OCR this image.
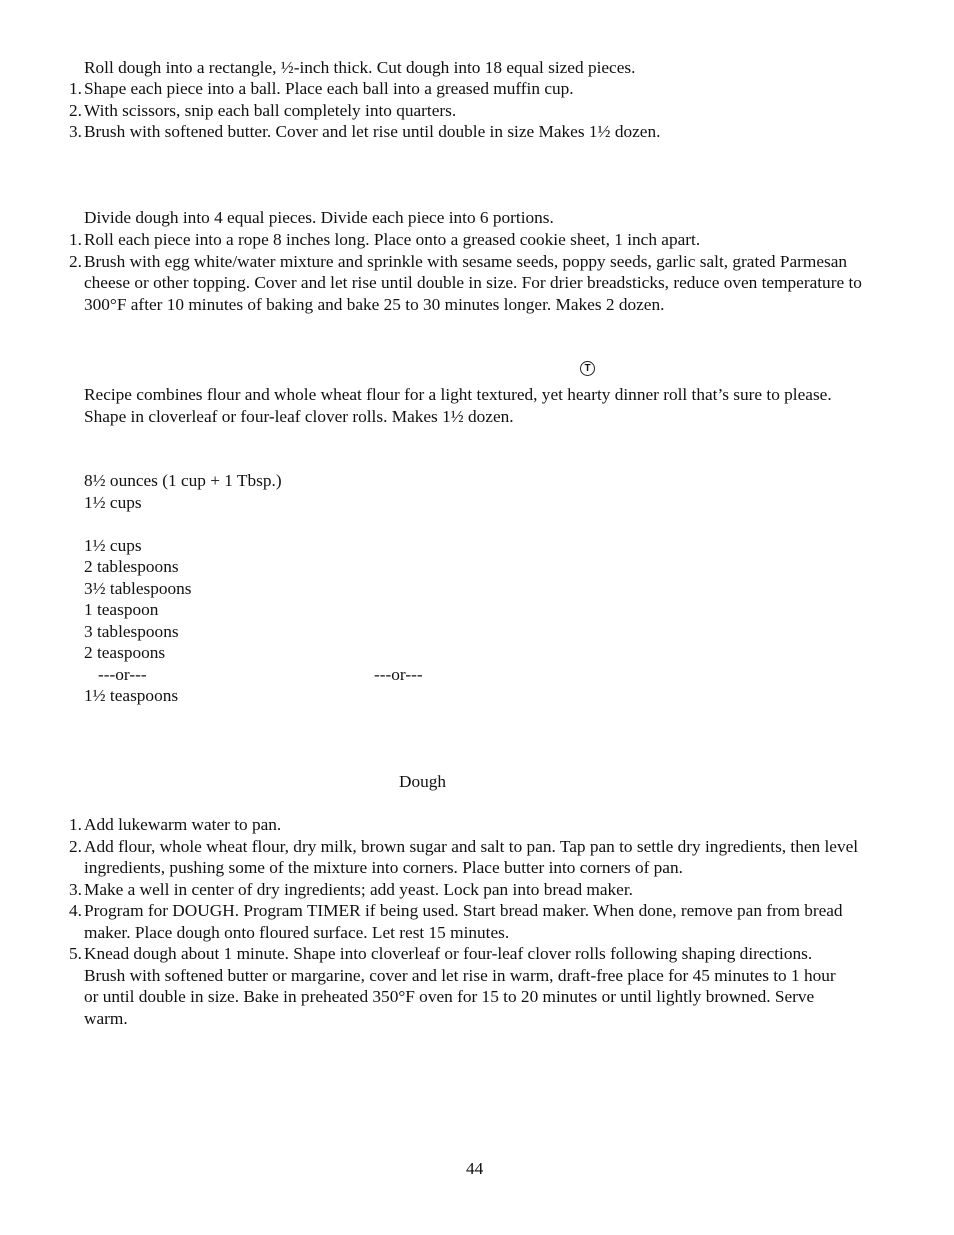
Roll dough into a rectangle, ½-inch thick. Cut dough into 18 equal sized pieces.
1. Shape each piece into a ball. Place each ball into a greased muffin cup.
2. With scissors, snip each ball completely into quarters.
3. Brush with softened butter. Cover and let rise until double in size Makes 1½ dozen.
Divide dough into 4 equal pieces. Divide each piece into 6 portions.
1. Roll each piece into a rope 8 inches long. Place onto a greased cookie sheet, 1 inch apart.
2. Brush with egg white/water mixture and sprinkle with sesame seeds, poppy seeds, garlic salt, grated Parmesan cheese or other topping. Cover and let rise until double in size. For drier breadsticks, reduce oven temperature to 300°F after 10 minutes of baking and bake 25 to 30 minutes longer. Makes 2 dozen.
T
Recipe combines flour and whole wheat flour for a light textured, yet hearty dinner roll that’s sure to please. Shape in cloverleaf or four-leaf clover rolls. Makes 1½ dozen.
8½ ounces (1 cup + 1 Tbsp.)
1½ cups
1½ cups
2 tablespoons
3½ tablespoons
1 teaspoon
3 tablespoons
2 teaspoons
---or---	---or---
1½ teaspoons
Dough
1. Add lukewarm water to pan.
2. Add flour, whole wheat flour, dry milk, brown sugar and salt to pan. Tap pan to settle dry ingredients, then level ingredients, pushing some of the mixture into corners. Place butter into corners of pan.
3. Make a well in center of dry ingredients; add yeast. Lock pan into bread maker.
4. Program for DOUGH. Program TIMER if being used. Start bread maker. When done, remove pan from bread maker. Place dough onto floured surface. Let rest 15 minutes.
5. Knead dough about 1 minute. Shape into cloverleaf or four-leaf clover rolls following shaping directions. Brush with softened butter or margarine, cover and let rise in warm, draft-free place for 45 minutes to 1 hour or until double in size. Bake in preheated 350°F oven for 15 to 20 minutes or until lightly browned. Serve warm.
44
